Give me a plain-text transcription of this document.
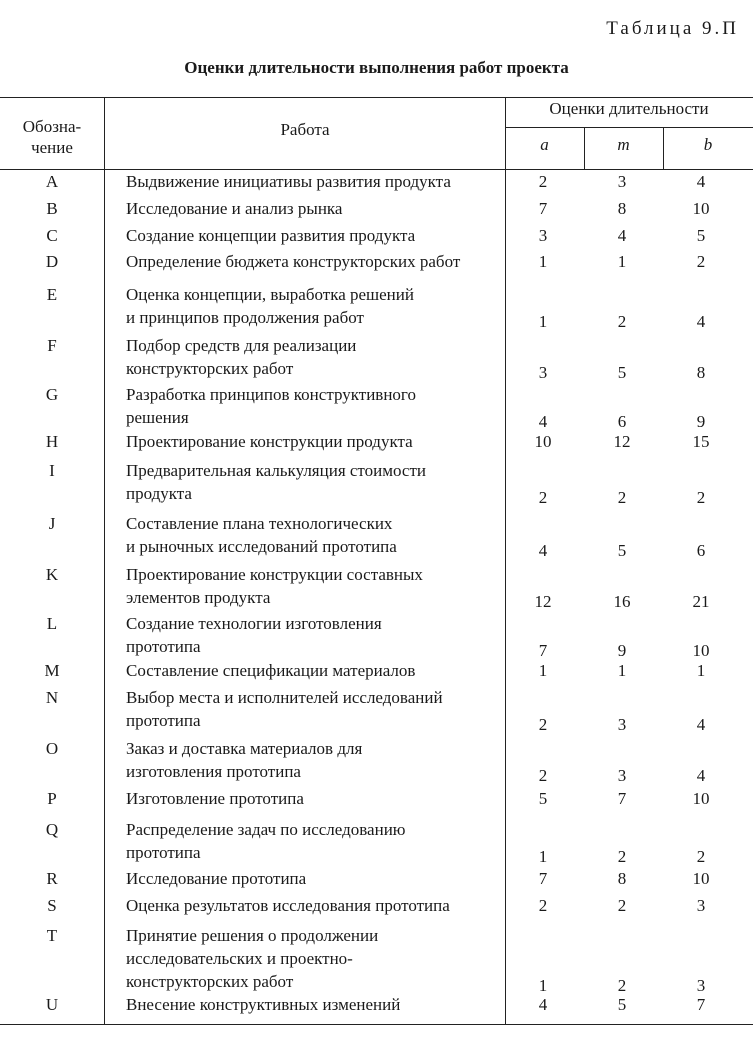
Таблица 9.П
Оценки длительности выполнения работ проекта
Обозна-
чение
Работа
Оценки длительности
a	m	b
A	Выдвижение инициативы развития продукта	2	3	4
B	Исследование и анализ рынка	7	8	10
C	Создание концепции развития продукта	3	4	5
D	Определение бюджета конструкторских работ	1	1	2
E	Оценка концепции, выработка решений
и принципов продолжения работ	1	2	4
F	Подбор средств для реализации
конструкторских работ	3	5	8
G	Разработка принципов конструктивного
решения	4	6	9
H	Проектирование конструкции продукта	10	12	15
I	Предварительная калькуляция стоимости
продукта	2	2	2
J	Составление плана технологических
и рыночных исследований прототипа	4	5	6
K	Проектирование конструкции составных
элементов продукта	12	16	21
L	Создание технологии изготовления
прототипа	7	9	10
M	Составление спецификации материалов	1	1	1
N	Выбор места и исполнителей исследований
прототипа	2	3	4
O	Заказ и доставка материалов для
изготовления прототипа	2	3	4
P	Изготовление прототипа	5	7	10
Q	Распределение задач по исследованию
прототипа	1	2	2
R	Исследование прототипа	7	8	10
S	Оценка результатов исследования прототипа	2	2	3
T	Принятие решения о продолжении
исследовательских и проектно-
конструкторских работ	1	2	3
U	Внесение конструктивных изменений	4	5	7
